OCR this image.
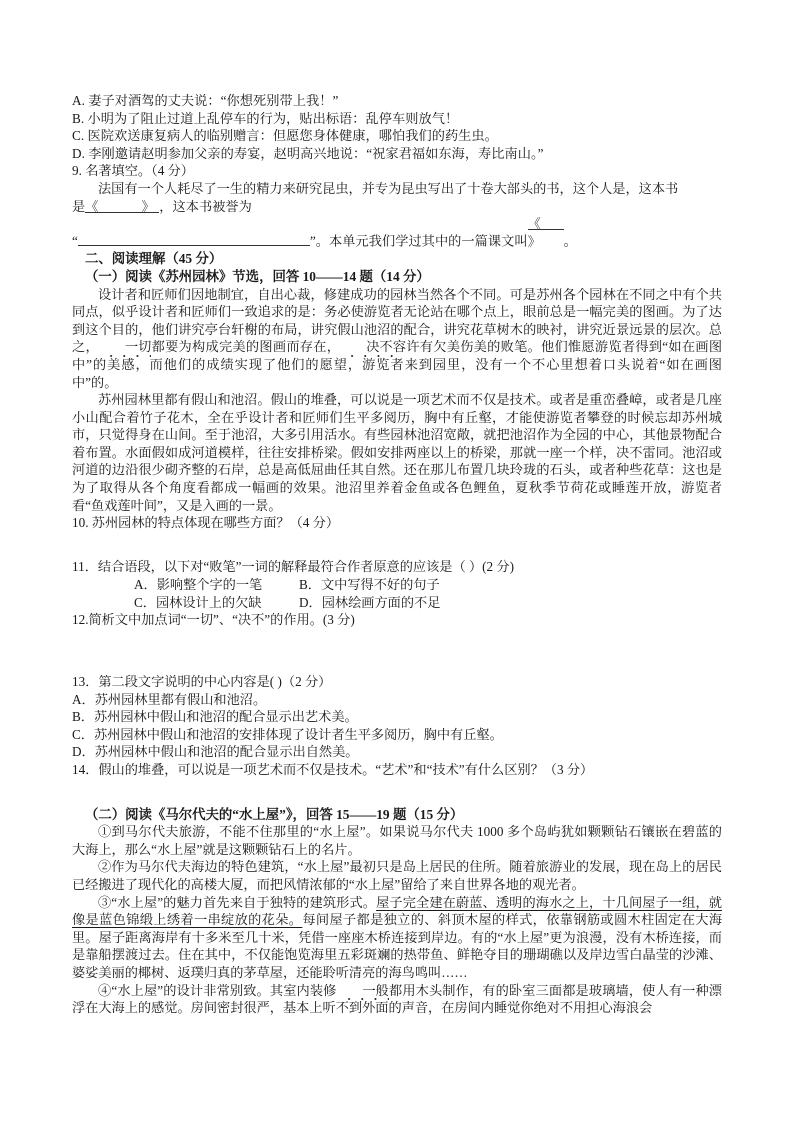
A. 妻子对酒驾的丈夫说：“你想死别带上我！”
B. 小明为了阻止过道上乱停车的行为，贴出标语：乱停车则放气！
C. 医院欢送康复病人的临别赠言：但愿您身体健康，哪怕我们的药生虫。
D. 李刚邀请赵明参加父亲的寿宴，赵明高兴地说：“祝家君福如东海，寿比南山。”
9. 名著填空。（4 分）
法国有一个人耗尽了一生的精力来研究昆虫，并专为昆虫写出了十卷大部头的书，这个人是，这本书
是《	》 ，这本书被誉为
“	”。本单元我们学过其中的一篇课文叫《》 。
二、阅读理解（45 分）
（一）阅读《苏州园林》节选，回答 10——14 题（14 分）
设计者和匠师们因地制宜，自出心裁，修建成功的园林当然各个不同。可是苏州各个园林在不同之中有个共同点，似乎设计者和匠师们一致追求的是：务必使游览者无论站在哪个点上，眼前总是一幅完美的图画。为了达到这个目的，他们讲究亭台轩榭的布局，讲究假山池沼的配合，讲究花草树木的映衬，讲究近景远景的层次。总之， 一切都要为构成完美的图画而存在， 决不容许有欠美伤美的败笔。他们惟愿游览者得到“如在画图中”的美感，而他们的成绩实现了他们的愿望，游览者来到园里，没有一个不心里想着口头说着“如在画图中”的。
苏州园林里都有假山和池沼。假山的堆叠，可以说是一项艺术而不仅是技术。或者是重峦叠嶂，或者是几座小山配合着竹子花木，全在乎设计者和匠师们生平多阅历，胸中有丘壑，才能使游览者攀登的时候忘却苏州城市，只觉得身在山间。至于池沼，大多引用活水。有些园林池沼宽敞，就把池沼作为全园的中心，其他景物配合着布置。水面假如成河道模样，往往安排桥梁。假如安排两座以上的桥梁，那就一座一个样，决不雷同。池沼或河道的边沿很少砌齐整的石岸，总是高低屈曲任其自然。还在那儿布置几块玲珑的石头，或者种些花草：这也是为了取得从各个角度看都成一幅画的效果。池沼里养着金鱼或各色鲤鱼，夏秋季节荷花或睡莲开放，游览者看“鱼戏莲叶间”，又是入画的一景。
10. 苏州园林的特点体现在哪些方面？（4 分）
11．结合语段，以下对“败笔”一词的解释最符合作者原意的应该是（ ）(2 分)
A．影响整个字的一笔	B．文中写得不好的句子
C．园林设计上的欠缺	D．园林绘画方面的不足
12.简析文中加点词“一切”、“决不”的作用。(3 分)
13．第二段文字说明的中心内容是( )（2 分）
A．苏州园林里都有假山和池沼。
B．苏州园林中假山和池沼的配合显示出艺术美。
C．苏州园林中假山和池沼的安排体现了设计者生平多阅历，胸中有丘壑。
D．苏州园林中假山和池沼的配合显示出自然美。
14．假山的堆叠，可以说是一项艺术而不仅是技术。“艺术”和“技术”有什么区别？（3 分）
（二）阅读《马尔代夫的“水上屋”》，回答 15——19 题（15 分）
①到马尔代夫旅游，不能不住那里的“水上屋”。如果说马尔代夫 1000 多个岛屿犹如颗颗钻石镶嵌在碧蓝的大海上，那么“水上屋”就是这颗颗钻石上的名片。
②作为马尔代夫海边的特色建筑，“水上屋”最初只是岛上居民的住所。随着旅游业的发展，现在岛上的居民已经搬进了现代化的高楼大厦，而把风情浓郁的“水上屋”留给了来自世界各地的观光者。
③“水上屋”的魅力首先来自于独特的建筑形式。屋子完全建在蔚蓝、透明的海水之上，十几间屋子一组，就像是蓝色锦缎上绣着一串绽放的花朵。每间屋子都是独立的、斜顶木屋的样式，依靠钢筋或圆木柱固定在大海里。屋子距离海岸有十多米至几十米，凭借一座座木桥连接到岸边。有的“水上屋”更为浪漫，没有木桥连接，而是靠船摆渡过去。住在其中，不仅能饱览海里五彩斑斓的热带鱼、鲜艳夺目的珊瑚礁以及岸边雪白晶莹的沙滩、婆娑美丽的椰树、返璞归真的茅草屋，还能聆听清亮的海鸟鸣叫……
④“水上屋”的设计非常别致。其室内装修 一般都用木头制作，有的卧室三面都是玻璃墙，使人有一种漂浮在大海上的感觉。房间密封很严，基本上听不到外面的声音，在房间内睡觉你绝对不用担心海浪会
